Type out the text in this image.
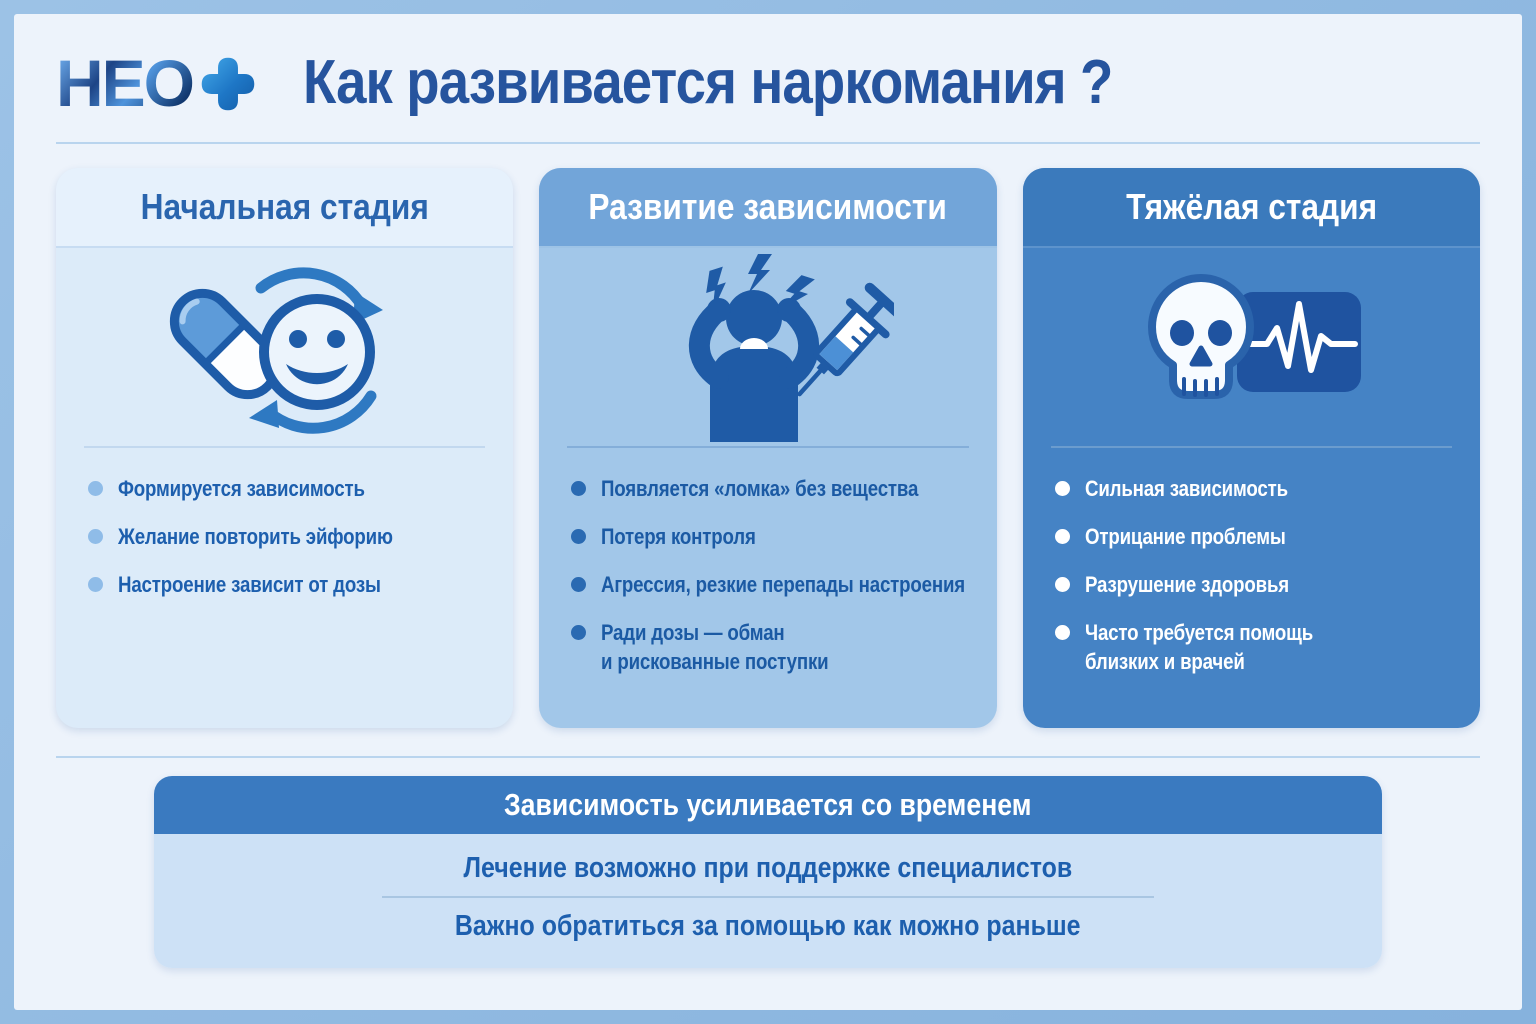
НЕО Как развивается наркомания ?
Начальная стадия
Формируется зависимость
Желание повторить эйфорию
Настроение зависит от дозы
Развитие зависимости
Появляется «ломка» без вещества
Потеря контроля
Агрессия, резкие перепады настроения
Ради дозы — обман
и рискованные поступки
Тяжёлая стадия
Сильная зависимость
Отрицание проблемы
Разрушение здоровья
Часто требуется помощь
близких и врачей
Зависимость усиливается со временем
Лечение возможно при поддержке специалистов
Важно обратиться за помощью как можно раньше
